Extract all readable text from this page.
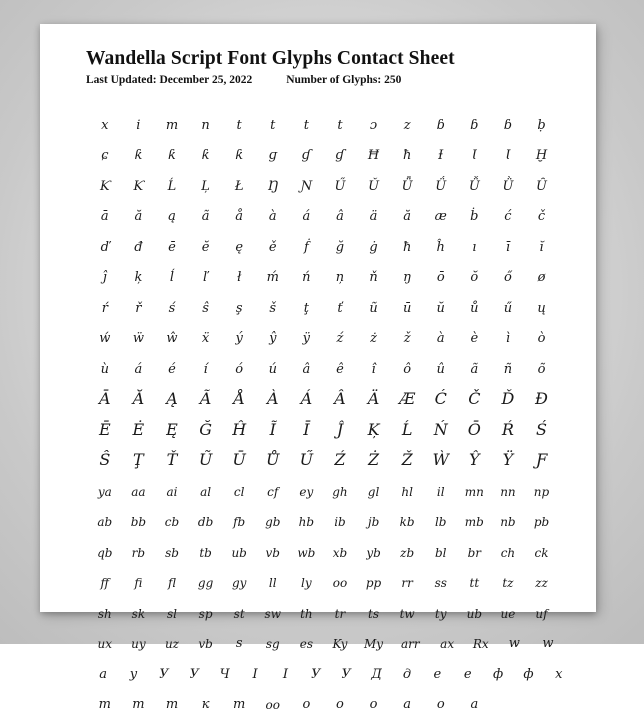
Wandella Script Font Glyphs Contact Sheet
Last Updated: December 25, 2022	Number of Glyphs: 250
x	i	m	n	t	t	t	t	ɔ	z	ɓ	ɓ	ɓ	ḅ
ɕ	ƙ	ƙ	ƙ	ƙ	ɡ	ɠ	ɠ	Ħ	ħ	Ɨ	Ɩ	Ɩ	Ḫ
Ƙ	Ƙ	Ĺ	Ļ	Ł	Ŋ	Ɲ	Ű	Ǔ	Ǖ	Ǘ	Ǚ	Ǜ	Ȗ
ā	ă	ą	ã	å	à	á	â	ä	ă	æ	ḃ	ć	č
ď	đ	ē	ĕ	ę	ě	ḟ	ğ	ġ	ħ	ĥ	ı	ī	ĭ
ĵ	ķ	ĺ	ľ	ł	ḿ	ń	ņ	ň	ŋ	ō	ŏ	ő	ø
ŕ	ř	ś	ŝ	ş	š	ţ	ť	ũ	ū	ŭ	ů	ű	ų
ẃ	ẅ	ŵ	ẍ	ý	ŷ	ÿ	ź	ż	ž	à	è	ì	ò
ù	á	é	í	ó	ú	â	ê	î	ô	û	ã	ñ	õ
Ā	Ă	Ą	Ã	Å	À	Á	Â	Ä	Æ	Ć	Č	Ď	Đ
Ē	Ė	Ę	Ğ	Ĥ	Ĩ	Ī	Ĵ	Ķ	Ĺ	Ń	Ō	Ŕ	Ś
Ŝ	Ţ	Ť	Ũ	Ū	Ů	Ű	Ź	Ż	Ž	Ẁ	Ŷ	Ÿ	Ƒ
ya	aa	ai	al	cl	cf	ey	gh	gl	hl	il	mn	nn	np
ab	bb	cb	db	fb	gb	hb	ib	jb	kb	lb	mb	nb	pb
qb	rb	sb	tb	ub	vb	wb	xb	yb	zb	bl	br	ch	ck
ff	fi	fl	gg	gy	ll	ly	oo	pp	rr	ss	tt	tz	zz
sh	sk	sl	sp	st	sw	th	tr	ts	tw	ty	ub	ue	uf
ux	uy	uz	vb	s	sg	es	Ky	My	arr	ax	Rx	w	w
а	у	У	У	Ч	І	І	У	У	Д	д	е	е	ф	ф	х
т	т	т	к	т	оо	о	о	о	а	о	а
